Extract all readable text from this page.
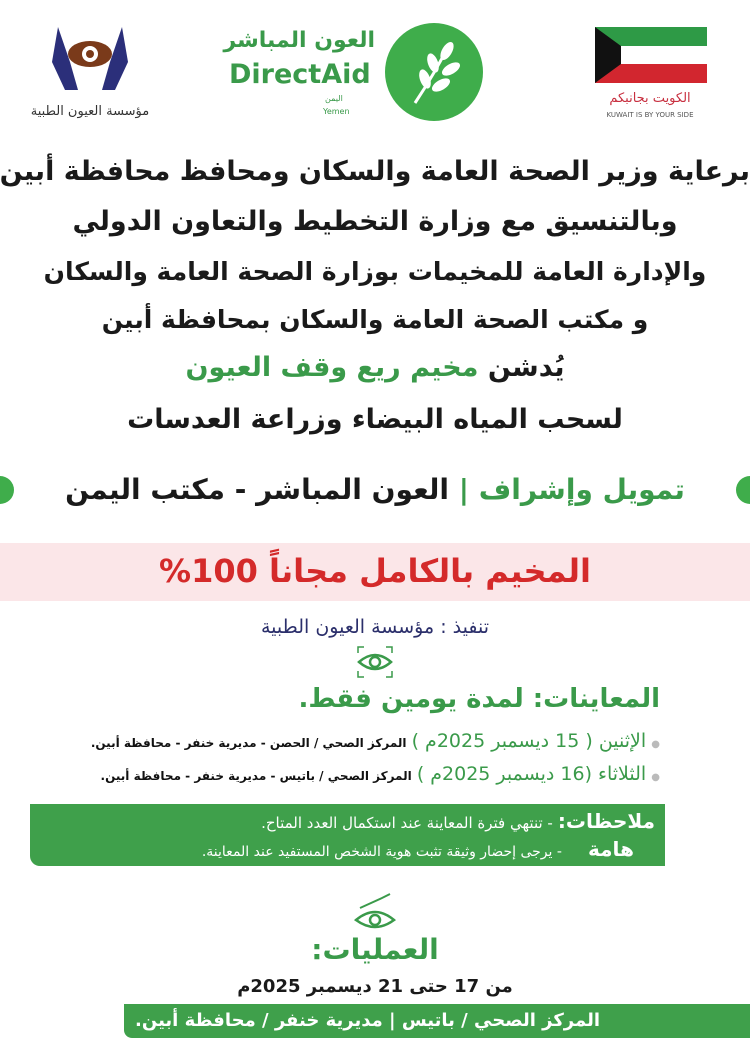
مؤسسة العيون الطبية
العون المباشر
DirectAid
اليمن
Yemen
الكويت بجانبكم
KUWAIT IS BY YOUR SIDE
برعاية وزير الصحة العامة والسكان ومحافظ محافظة أبين
وبالتنسيق مع وزارة التخطيط والتعاون الدولي
والإدارة العامة للمخيمات بوزارة الصحة العامة والسكان
و مكتب الصحة العامة والسكان بمحافظة أبين
يُدشن مخيم ريع وقف العيون
لسحب المياه البيضاء وزراعة العدسات
تمويل وإشراف | العون المباشر - مكتب اليمن
المخيم بالكامل مجاناً 100%
تنفيذ : مؤسسة العيون الطبية
المعاينات: لمدة يومين فقط.
● الإثنين ( 15 ديسمبر 2025م ) المركز الصحي / الحصن - مديرية خنفر - محافظة أبين.
● الثلاثاء (16 ديسمبر 2025م ) المركز الصحي / باتيس - مديرية خنفر - محافظة أبين.
ملاحظات: - تنتهي فترة المعاينة عند استكمال العدد المتاح.
هامة - يرجى إحضار وثيقة تثبت هوية الشخص المستفيد عند المعاينة.
العمليات:
من 17 حتى 21 ديسمبر 2025م
المركز الصحي / باتيس | مديرية خنفر / محافظة أبين.
